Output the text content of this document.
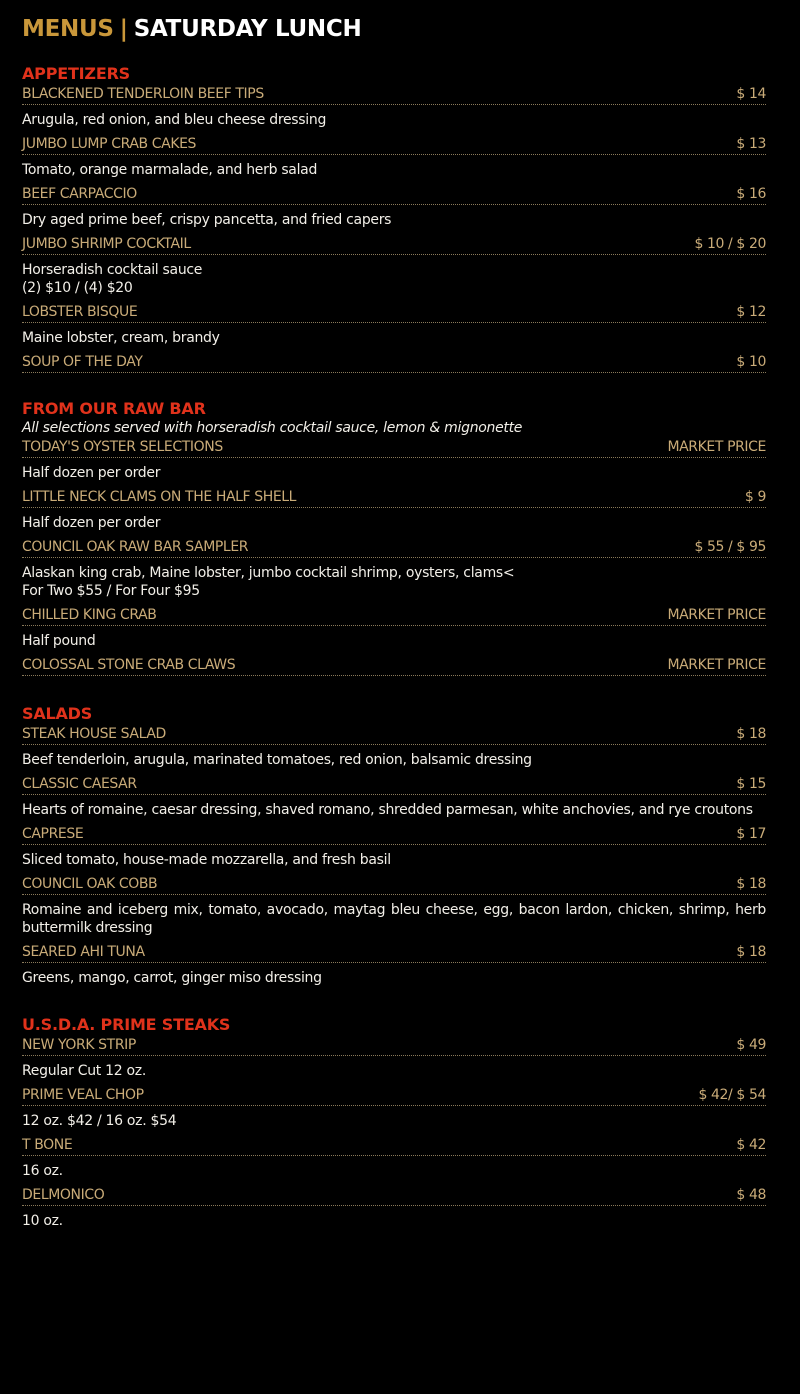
MENUS | SATURDAY LUNCH
APPETIZERS
BLACKENED TENDERLOIN BEEF TIPS	$ 14
Arugula, red onion, and bleu cheese dressing
JUMBO LUMP CRAB CAKES	$ 13
Tomato, orange marmalade, and herb salad
BEEF CARPACCIO	$ 16
Dry aged prime beef, crispy pancetta, and fried capers
JUMBO SHRIMP COCKTAIL	$ 10 / $ 20
Horseradish cocktail sauce
(2) $10 / (4) $20
LOBSTER BISQUE	$ 12
Maine lobster, cream, brandy
SOUP OF THE DAY	$ 10
FROM OUR RAW BAR
All selections served with horseradish cocktail sauce, lemon & mignonette
TODAY'S OYSTER SELECTIONS	MARKET PRICE
Half dozen per order
LITTLE NECK CLAMS ON THE HALF SHELL	$ 9
Half dozen per order
COUNCIL OAK RAW BAR SAMPLER	$ 55 / $ 95
Alaskan king crab, Maine lobster, jumbo cocktail shrimp, oysters, clams<
For Two $55 / For Four $95
CHILLED KING CRAB	MARKET PRICE
Half pound
COLOSSAL STONE CRAB CLAWS	MARKET PRICE
SALADS
STEAK HOUSE SALAD	$ 18
Beef tenderloin, arugula, marinated tomatoes, red onion, balsamic dressing
CLASSIC CAESAR	$ 15
Hearts of romaine, caesar dressing, shaved romano, shredded parmesan, white anchovies, and rye croutons
CAPRESE	$ 17
Sliced tomato, house-made mozzarella, and fresh basil
COUNCIL OAK COBB	$ 18
Romaine and iceberg mix, tomato, avocado, maytag bleu cheese, egg, bacon lardon, chicken, shrimp, herb buttermilk dressing
SEARED AHI TUNA	$ 18
Greens, mango, carrot, ginger miso dressing
U.S.D.A. PRIME STEAKS
NEW YORK STRIP	$ 49
Regular Cut 12 oz.
PRIME VEAL CHOP	$ 42/ $ 54
12 oz. $42 / 16 oz. $54
T BONE	$ 42
16 oz.
DELMONICO	$ 48
10 oz.
